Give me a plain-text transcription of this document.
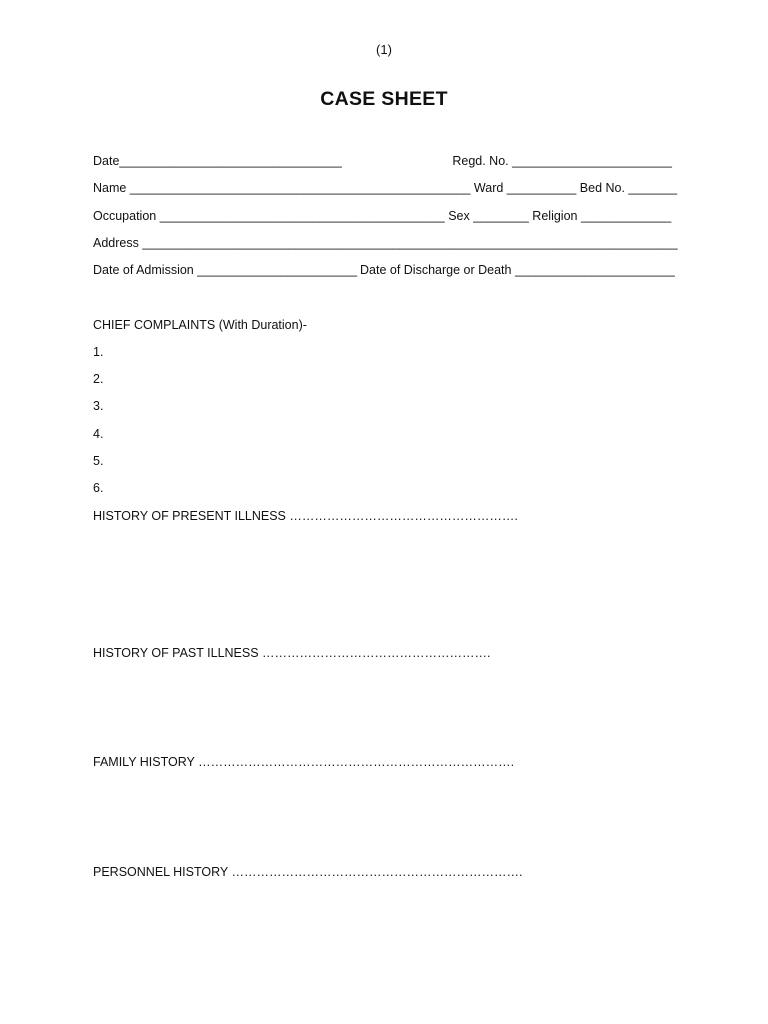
(1)
CASE SHEET

Date________________________________

	Regd. No. _______________________

Name _________________________________________________ Ward __________ Bed No. _______

Occupation _________________________________________ Sex ________ Religion _____________

Address _____________________________________________________________________________

Date of Admission _______________________

Date of Discharge or Death _______________________

CHIEF COMPLAINTS (With Duration)-
1.
2.
3.
4.
5.
6.
HISTORY OF PRESENT ILLNESS ……………………………………………….
HISTORY OF PAST ILLNESS ……………………………………………….
FAMILY HISTORY ………………………………………………………………….
PERSONNEL HISTORY …………………………………………………………….
